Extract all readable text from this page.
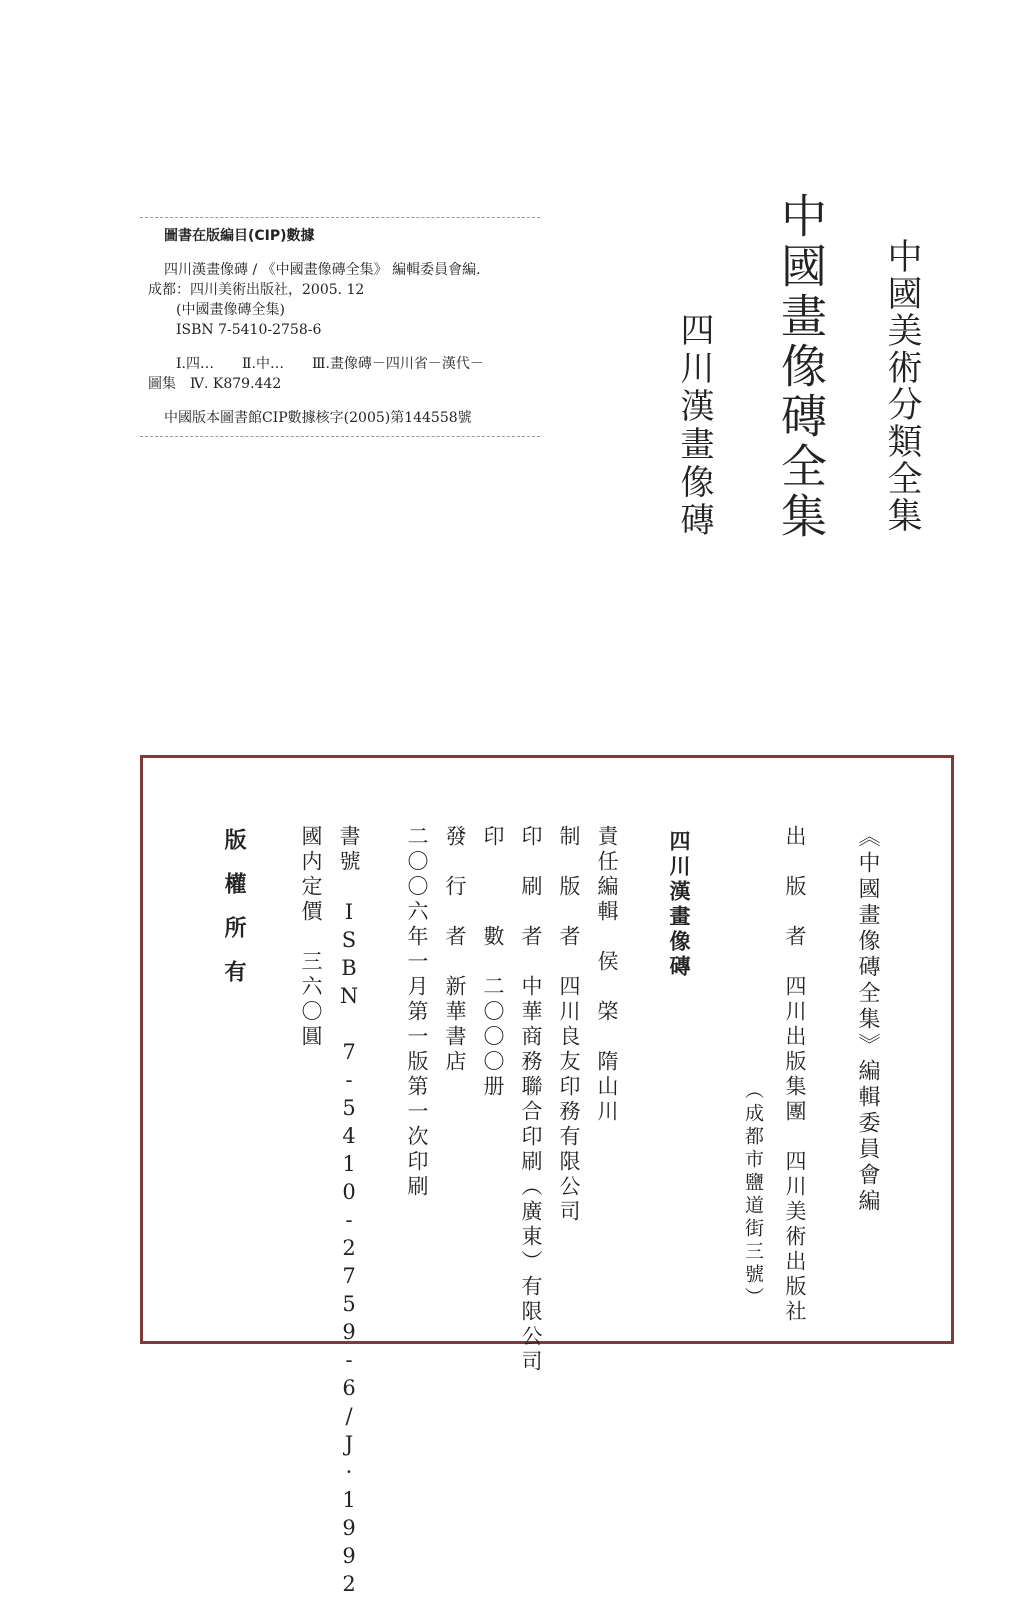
中國美術分類全集
中國畫像磚全集
四川漢畫像磚
圖書在版編目(CIP)數據
四川漢畫像磚 / 《中國畫像磚全集》 編輯委員會編.
成都：四川美術出版社，2005. 12
(中國畫像磚全集)
ISBN 7-5410-2758-6
Ⅰ.四…　　Ⅱ.中…　　Ⅲ.畫像磚－四川省－漢代－
圖集　Ⅳ. K879.442
中國版本圖書館CIP數據核字(2005)第144558號
《中國畫像磚全集》編輯委員會編
出　版　者　四川出版集團　四川美術出版社
（成都市鹽道街三號）
四川漢畫像磚
責任編輯　侯　棨　隋山川
制　版　者　四川良友印務有限公司
印　刷　者　中華商務聯合印刷（廣東）有限公司
印　　　數　二〇〇〇册
發　行　者　新華書店
二〇〇六年一月第一版第一次印刷
書號　ISBN 7-5410-2759-6/J·1992
國内定價　三六〇圓
版　權　所　有
